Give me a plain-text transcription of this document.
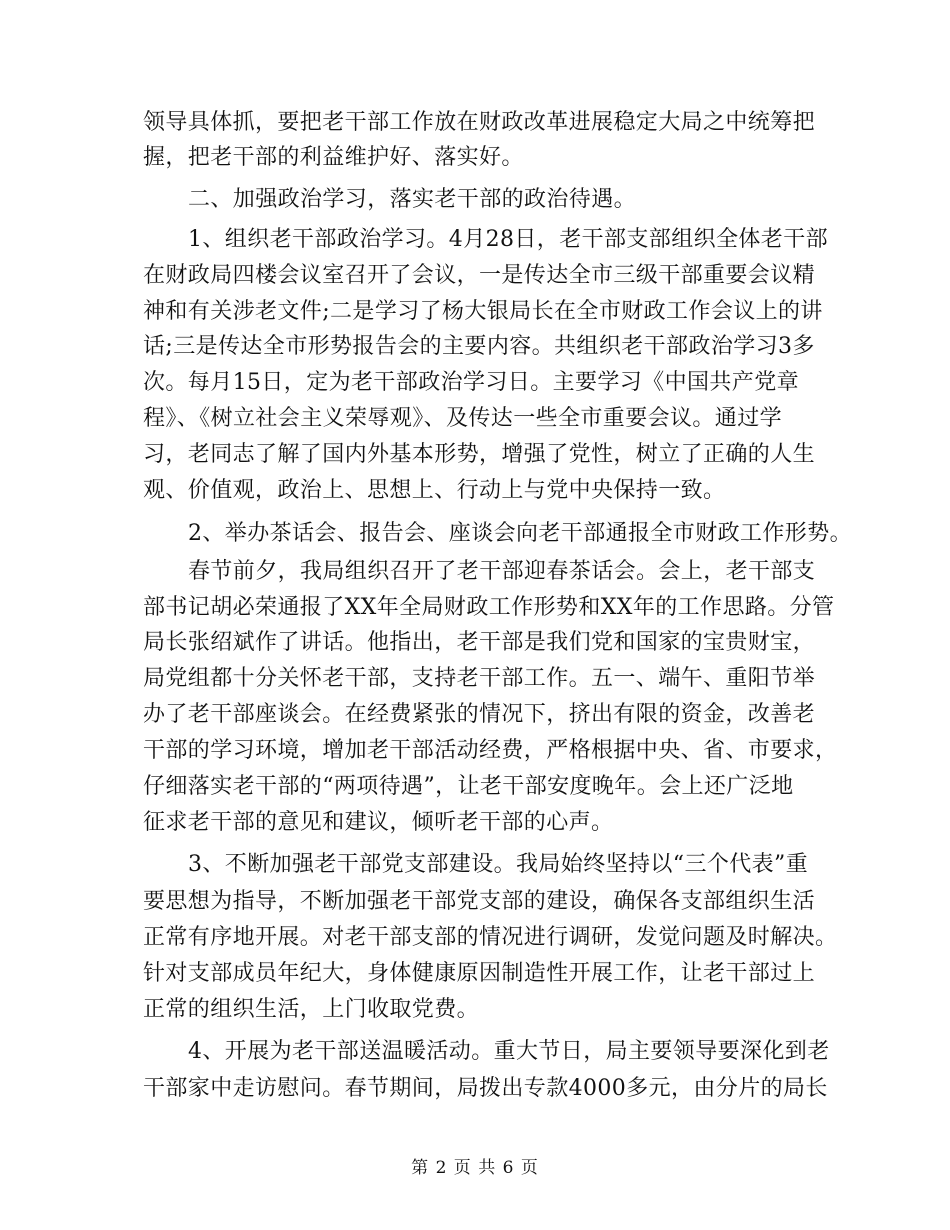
领导具体抓，要把老干部工作放在财政改革进展稳定大局之中统筹把
握，把老干部的利益维护好、落实好。
二、加强政治学习，落实老干部的政治待遇。
1、组织老干部政治学习。4月28日，老干部支部组织全体老干部
在财政局四楼会议室召开了会议，一是传达全市三级干部重要会议精
神和有关涉老文件;二是学习了杨大银局长在全市财政工作会议上的讲
话;三是传达全市形势报告会的主要内容。共组织老干部政治学习3多
次。每月15日，定为老干部政治学习日。主要学习《中国共产党章
程》、《树立社会主义荣辱观》、及传达一些全市重要会议。通过学
习，老同志了解了国内外基本形势，增强了党性，树立了正确的人生
观、价值观，政治上、思想上、行动上与党中央保持一致。
2、举办茶话会、报告会、座谈会向老干部通报全市财政工作形势。
春节前夕，我局组织召开了老干部迎春茶话会。会上，老干部支
部书记胡必荣通报了XX年全局财政工作形势和XX年的工作思路。分管
局长张绍斌作了讲话。他指出，老干部是我们党和国家的宝贵财宝，
局党组都十分关怀老干部，支持老干部工作。五一、端午、重阳节举
办了老干部座谈会。在经费紧张的情况下，挤出有限的资金，改善老
干部的学习环境，增加老干部活动经费，严格根据中央、省、市要求，
仔细落实老干部的“两项待遇”，让老干部安度晚年。会上还广泛地
征求老干部的意见和建议，倾听老干部的心声。
3、不断加强老干部党支部建设。我局始终坚持以“三个代表”重
要思想为指导，不断加强老干部党支部的建设，确保各支部组织生活
正常有序地开展。对老干部支部的情况进行调研，发觉问题及时解决。
针对支部成员年纪大，身体健康原因制造性开展工作，让老干部过上
正常的组织生活，上门收取党费。
4、开展为老干部送温暖活动。重大节日，局主要领导要深化到老
干部家中走访慰问。春节期间，局拨出专款4000多元，由分片的局长
第 2 页 共 6 页
